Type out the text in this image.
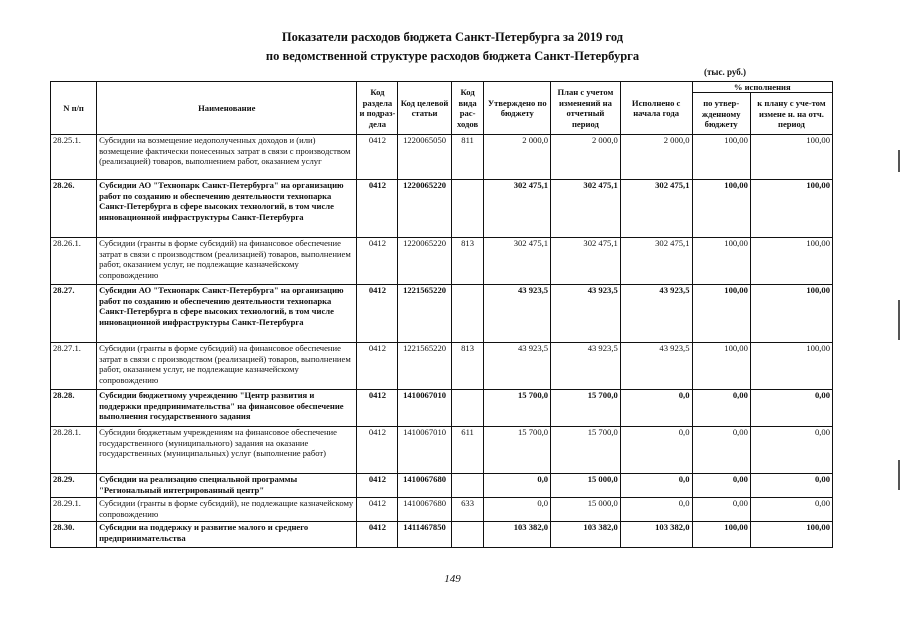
Показатели расходов бюджета Санкт-Петербурга за 2019 год
по ведомственной структуре расходов бюджета Санкт-Петербурга
(тыс. руб.)
N п/п	Наименование	Код раздела и подраз-дела	Код целевой статьи	Код вида рас-ходов	Утверждено по бюджету	План с учетом изменений на отчетный период	Исполнено с начала года	% исполнения	
								по утвер-жденному бюджету	к плану с уче-том измене н. на отч. период
28.25.1.	Субсидии на возмещение недополученных доходов и (или) возмещение фактически понесенных затрат в связи с производством (реализацией) товаров, выполнением работ, оказанием услуг	0412	1220065050	811	2 000,0	2 000,0	2 000,0	100,00	100,00
28.26.	Субсидии АО "Технопарк Санкт-Петербурга" на организацию работ по созданию и обеспечению деятельности технопарка Санкт-Петербурга в сфере высоких технологий, в том числе инновационной инфраструктуры Санкт-Петербурга	0412	1220065220		302 475,1	302 475,1	302 475,1	100,00	100,00
28.26.1.	Субсидии (гранты в форме субсидий) на финансовое обеспечение затрат в связи с производством (реализацией) товаров, выполнением работ, оказанием услуг, не подлежащие казначейскому сопровождению	0412	1220065220	813	302 475,1	302 475,1	302 475,1	100,00	100,00
28.27.	Субсидии АО "Технопарк Санкт-Петербурга" на организацию работ по созданию и обеспечению деятельности технопарка Санкт-Петербурга в сфере высоких технологий, в том числе инновационной инфраструктуры Санкт-Петербурга	0412	1221565220		43 923,5	43 923,5	43 923,5	100,00	100,00
28.27.1.	Субсидии (гранты в форме субсидий) на финансовое обеспечение затрат в связи с производством (реализацией) товаров, выполнением работ, оказанием услуг, не подлежащие казначейскому сопровождению	0412	1221565220	813	43 923,5	43 923,5	43 923,5	100,00	100,00
28.28.	Субсидии бюджетному учреждению "Центр развития и поддержки предпринимательства" на финансовое обеспечение выполнения государственного задания	0412	1410067010		15 700,0	15 700,0	0,0	0,00	0,00
28.28.1.	Субсидии бюджетным учреждениям на финансовое обеспечение государственного (муниципального) задания на оказание государственных (муниципальных) услуг (выполнение работ)	0412	1410067010	611	15 700,0	15 700,0	0,0	0,00	0,00
28.29.	Субсидии на реализацию специальной программы "Региональный интегрированный центр"	0412	1410067680		0,0	15 000,0	0,0	0,00	0,00
28.29.1.	Субсидии (гранты в форме субсидий), не подлежащие казначейскому сопровождению	0412	1410067680	633	0,0	15 000,0	0,0	0,00	0,00
28.30.	Субсидии на поддержку и развитие малого и среднего предпринимательства	0412	1411467850		103 382,0	103 382,0	103 382,0	100,00	100,00
149
